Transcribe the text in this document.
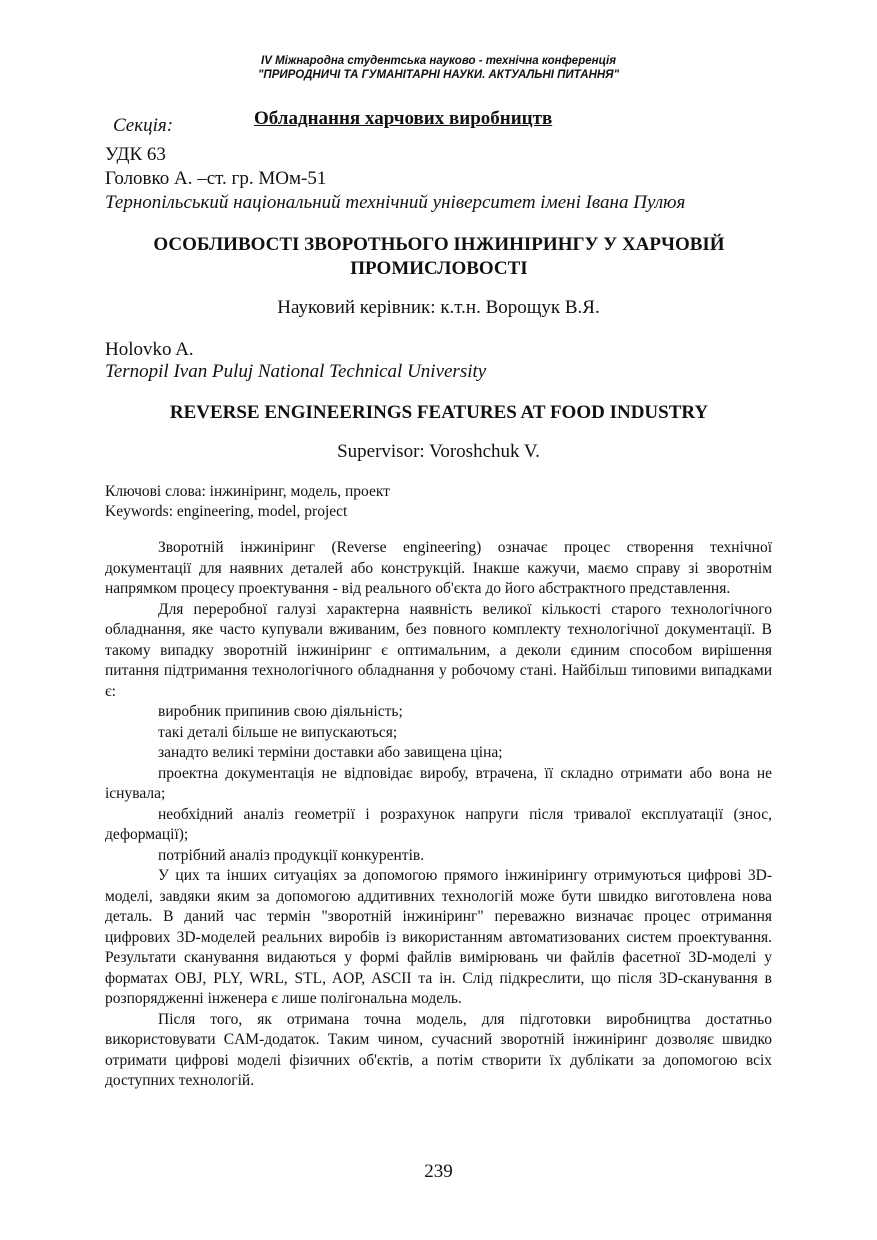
IV Міжнародна студентська науково - технічна конференція
"ПРИРОДНИЧІ ТА ГУМАНІТАРНІ НАУКИ. АКТУАЛЬНІ ПИТАННЯ"
Секція:	Обладнання харчових виробництв
УДК 63
Головко А. –ст. гр. МОм-51
Тернопільський національний технічний університет імені Івана Пулюя
ОСОБЛИВОСТІ ЗВОРОТНЬОГО ІНЖИНІРИНГУ У ХАРЧОВІЙ
ПРОМИСЛОВОСТІ
Науковий керівник: к.т.н. Ворощук В.Я.
Holovko A.
Ternopil Ivan Puluj National Technical University
REVERSE ENGINEERINGS FEATURES AT FOOD INDUSTRY
Supervisor: Voroshchuk V.
Ключові слова: інжиніринг, модель, проект
Keywords: engineering, model, project

Зворотній інжиніринг (Reverse engineering) означає процес створення технічної документації для наявних деталей або конструкцій. Інакше кажучи, маємо справу зі зворотнім напрямком процесу проектування - від реального об'єкта до його абстрактного представлення.

Для переробної галузі характерна наявність великої кількості старого технологічного обладнання, яке часто купували вживаним, без повного комплекту технологічної документації. В такому випадку зворотній інжиніринг є оптимальним, а деколи єдиним способом вирішення питання підтримання технологічного обладнання у робочому стані. Найбільш типовими випадками є:

виробник припинив свою діяльність;

такі деталі більше не випускаються;

занадто великі терміни доставки або завищена ціна;

проектна документація не відповідає виробу, втрачена, її складно отримати або вона не існувала;

необхідний аналіз геометрії і розрахунок напруги після тривалої експлуатації (знос, деформації);

потрібний аналіз продукції конкурентів.

У цих та інших ситуаціях за допомогою прямого інжинірингу отримуються цифрові 3D-моделі, завдяки яким за допомогою аддитивних технологій може бути швидко виготовлена нова деталь. В даний час термін "зворотній інжиніринг" переважно визначає процес отримання цифрових 3D-моделей реальних виробів із використанням автоматизованих систем проектування. Результати сканування видаються у формі файлів вимірювань чи файлів фасетної 3D-моделі у форматах OBJ, PLY, WRL, STL, AOP, ASCII та ін. Слід підкреслити, що після 3D-сканування в розпорядженні інженера є лише полігональна модель.

Після того, як отримана точна модель, для підготовки виробництва достатньо використовувати CAM-додаток. Таким чином, сучасний зворотній інжиніринг дозволяє швидко отримати цифрові моделі фізичних об'єктів, а потім створити їх дублікати за допомогою всіх доступних технологій.

239
